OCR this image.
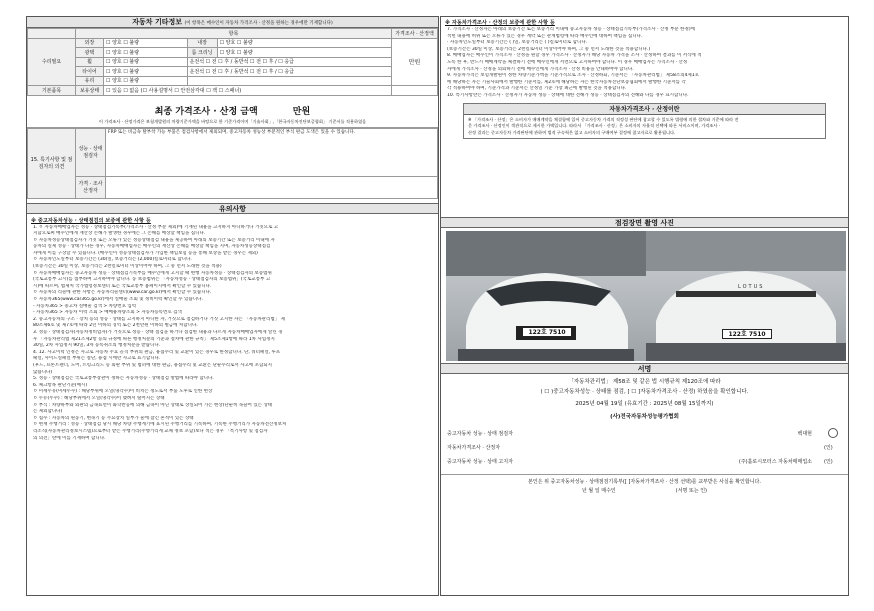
자동차 기타정보 (이 항목은 매수인이 자동차 가격조사 · 산정을 원하는 경우에만 기재합니다)
	항목				가격조사 · 산정액
수리필요	외장	☐ 양호 ☐ 불량	내장	☐ 양호 ☐ 불량	만원
	광택	☐ 양호 ☐ 불량	룸 크리닝	☐ 양호 ☐ 불량	
	휠	☐ 양호 ☐ 불량	운전석 ☐ 전 ☐ 후 / 동반석 ☐ 전 ☐ 후 / ☐ 응급		
	타이어	☐ 양호 ☐ 불량	운전석 ☐ 전 ☐ 후 / 동반석 ☐ 전 ☐ 후 / ☐ 응급		
	유리	☐ 양호 ☐ 불량			
기본품목	보유상태	☐ 있음 ☐ 없음 (☐ 사용설명서 ☐ 안전삼각대 ☐ 잭 ☐ 스패너)			
최종 가격조사 · 산정 금액	만원
이 가격조사 · 산정가격은 보험개발원의 차량기준가액을 바탕으로 한 기준가격이며「기술사회」,「한국자동차진단보증협회」 기준서를 적용하였음
15. 특기사항 및 점검자의 의견	성능 · 상태 점검자	FRP 또는 비금속 탈부착 가능 부품은 점검사항에서 제외되며, 중고자동차 성능상 부분적인 부식 판금 도색은 있을 수 있습니다.
	가격 · 조사 산정자	
유의사항
※ 중고자동차성능 · 상태점검의 보증에 관한 사항 등
1. ㅇ 자동차매매업자는 성능 · 상태점검기록부(가격조사 · 산정 부분 제외)에 기재된 내용을 고지하지 아니하거나 거짓으로 고
지함으로써 매수인에게 재산상 손해가 발생한 경우에는 그 손해를 배상할 책임을 집니다.
ㅇ 자동차성능상태점검자가 거짓 또는 오류가 있는 성능상태점검 내용을 제공하여 아래의 보증기간 또는 보증거리 이내에 자
동차의 실제 성능 · 상태가 다른 경우, 자동차매매업자는 매수인의 재산상 손해를 배상할 책임을 지며, 자동차성능상태점검
자에게 이를 구상할 수 있습니다. (매수인이 성능상태점검자가 가입한 책임보험 등을 통해 보상을 받는 경우는 제외)
ㅇ 자동차인도일부터 보증기간은 (30)일, 보증거리는 (2,000)킬로미터로 합니다.
(보증기간은 30일 이상, 보증거리는 2천킬로미터 이상이어야 하며, 그 중 먼저 도래한 것을 적용)
ㅇ 자동차매매업자는 중고자동차 성능 · 상태점검기록부를 매수인에게 고지할 때 현행 자동차성능 · 상태점검자의 보증범위
(국토교통부 고시)를 첨부하여 고지하여야 합니다. 동 보증범위는 「자동차성능 · 상태점검자의 보증범위」(국토교통부 고
시)에 따르며, 법제처 국가법령정보센터 또는 국토교통부 홈페이지에서 확인할 수 있습니다.
ㅇ 자동차의 리콜에 관한 사항은 자동차리콜센터(www.car.go.kr)에서 확인할 수 있습니다.
ㅇ 자동차365(www.car365.go.kr)에서 실매물 조회 및 정비이력 확인할 수 있습니다.
- 자동차365 > 중고차 실매물 검색 > 차량번호 입력
- 자동차365 > 자동차 이력 조회 > 매매용차량조회 > 자동차등록번호 검색
2. 중고자동차의 구조 · 장치 등의 성능 · 상태를 고지하지 아니한 자, 거짓으로 점검하거나 거짓 고지한 자는 「자동차관리법」 제
80조제6호 및 제7호에 따라 2년 이하의 징역 또는 2천만원 이하의 벌금에 처합니다.
3. 성능 · 상태점검자(자동차정비업자)가 거짓으로 성능 · 상태 점검을 하거나 점검한 내용과 다르게 자동차매매업자에게 알린 경
우 「자동차관리법 제21조제2항 등의 규정에 따른 행정처분의 기준과 절차에 관한 규칙」 제5조제1항에 따라 1차 사업정지
30일, 2차 사업정지 90일, 3차 등록취소의 행정처분을 받습니다.
4. 12. 사고이력 인정은 사고로 자동차 주요 골격 부위의 판금, 용접수리 및 교환이 있는 경우로 한정합니다. 단, 쿼터패널, 루프
패널, 사이드실패널 부위는 절단, 용접 시에만 사고로 표기합니다.
(후드, 프론트펜더, 도어, 트렁크리드 등 외판 부위 및 범퍼에 대한 판금, 용접수리 및 교환은 단순수리로서 사고에 포함되지
않습니다)
5. 성능 · 상태점검은 국토교통부장관이 정하는 자동차성능 · 상태점검 방법에 따라야 합니다.
6. 체크항목 판단기준(예시)
ㅇ 미세누유(미세누수) : 해당부위에 오일(냉각수)이 비치는 정도로서 부품 노후로 인한 현상
ㅇ 누유(누수) : 해당부위에서 오일(냉각수)이 맺혀서 떨어지는 상태
ㅇ 부식 : 차량하부와 외판의 금속표면이 화학반응에 의해 금속이 아닌 상태로 상실되어 가는 현상(단순히 녹슬어 있는 상태
는 제외합니다)
ㅇ 침수 : 자동차의 원동기, 변속기 등 주요장치 일부가 물에 잠긴 흔적이 있는 상태
ㅇ 현재 주행거리 : 성능 · 상태점검 당시 해당 차량 주행계기에 표시된 주행거리를 기록하며, 기록한 주행거리가 자동차전산정보처
리조직(자동차관리정보시스템)으로부터 받은 주행거리(주행거리계 교체 정보 포함)보다 적은 경우 「특기사항 및 점검자
의 의견」란에 이를 기재하여 합니다.
※ 자동차가격조사 · 산정의 보증에 관한 사항 등
7. 가격조사 · 산정자는 아래의 보증기간 또는 보증거리 이내에 중고자동차 성능 · 상태점검기록부(가격조사 · 산정 부분 한정)에
적힌 내용에 허위 또는 오류가 있는 경우 계약 또는 관계법령에 따라 매수인에 대하여 책임을 집니다.
· 자동차인도일부터 보증기간은 ( )일, 보증거리는 ( )킬로미터로 합니다.
(보증기간은 30일 이상, 보증거리는 2천킬로미터 이상이어야 하며, 그 중 먼저 도래한 것을 적용합니다.)
8. 매매업자는 매수인이 가격조사 · 산정을 원할 경우 가격조사 · 산정자가 해당 자동차 가격을 조사 · 산정하여 결과를 이 서식에 적
도록 한 후, 반드시 매매계약을 체결하기 전에 매수인에게 서면으로 고지하여야 합니다. 이 경우 매매업자는 가격조사 · 산정
자에게 가격조사 · 산정을 의뢰하기 전에 매수인에게 가격조사 · 산정 비용을 안내하여야 합니다.
9. 자동차가격은 보험개발원이 정한 차량기준가액을 기준가격으로 조사 · 산정하되, 기준서는 「자동차관리법」 제58조의4제1호
에 해당하는 자는 기술사회에서 발행한 기준서를, 제2호에 해당하는 자는 한국자동차진단보증협회에서 발행한 기준서를 각
각 적용하여야 하며, 기준가격과 기준서는 산정일 기준 가장 최근에 발행된 것을 적용합니다.
10. 특기사항란은 가격조사 · 산정자가 자동차 성능 · 상태에 대한 견해가 성능 · 상태점검자의 견해와 다를 경우 표시합니다.
자동차가격조사 · 산정이란
※ 「가격조사 · 산정」은 소비자가 매매계약을 체결함에 있어 중고자동차 가격의 적정성 판단에 참고할 수 있도록 법령에 의한 절차와 기준에 따라 전
문 가격조사 · 산정인이 객관적으로 제시한 가액입니다. 따라서 「가격조사 · 산정」은 소비자의 자율적 선택에 따른 서비스이며, 가격조사 ·
산정 결과는 중고자동차 가격판단에 관하여 법적 구속력은 없고 소비자의 구매여부 결정에 참고자료로 활용됩니다.
점검장면 촬영 사진
122호 7510
LOTUS
122호 7510
서명
「자동차관리법」 제58조 및 같은 법 시행규칙 제120조에 따라
( ☐ )중고자동차성능 · 상태를 점검, [ ☐ ]자동차가격조사 · 산정) 하였음을 확인합니다.
2025년 04월 19일 (유효기간 : 2025년 08월 15일까지)
(사)전국자동차성능평가협회
중고자동차 성능 · 상태 점검자	백대현	
자동차가격조사 · 산정자		(인)
중고자동차 성능 · 상태 고지자	(주)홀로시모터스 자동차매매업소	(인)
본인은 위 중고자동차성능 · 상태점검기록부([ ]자동차가격조사 · 산정 선택)를 교부받은 사실을 확인합니다.
년 월 일 매수인	(서명 또는 인)
